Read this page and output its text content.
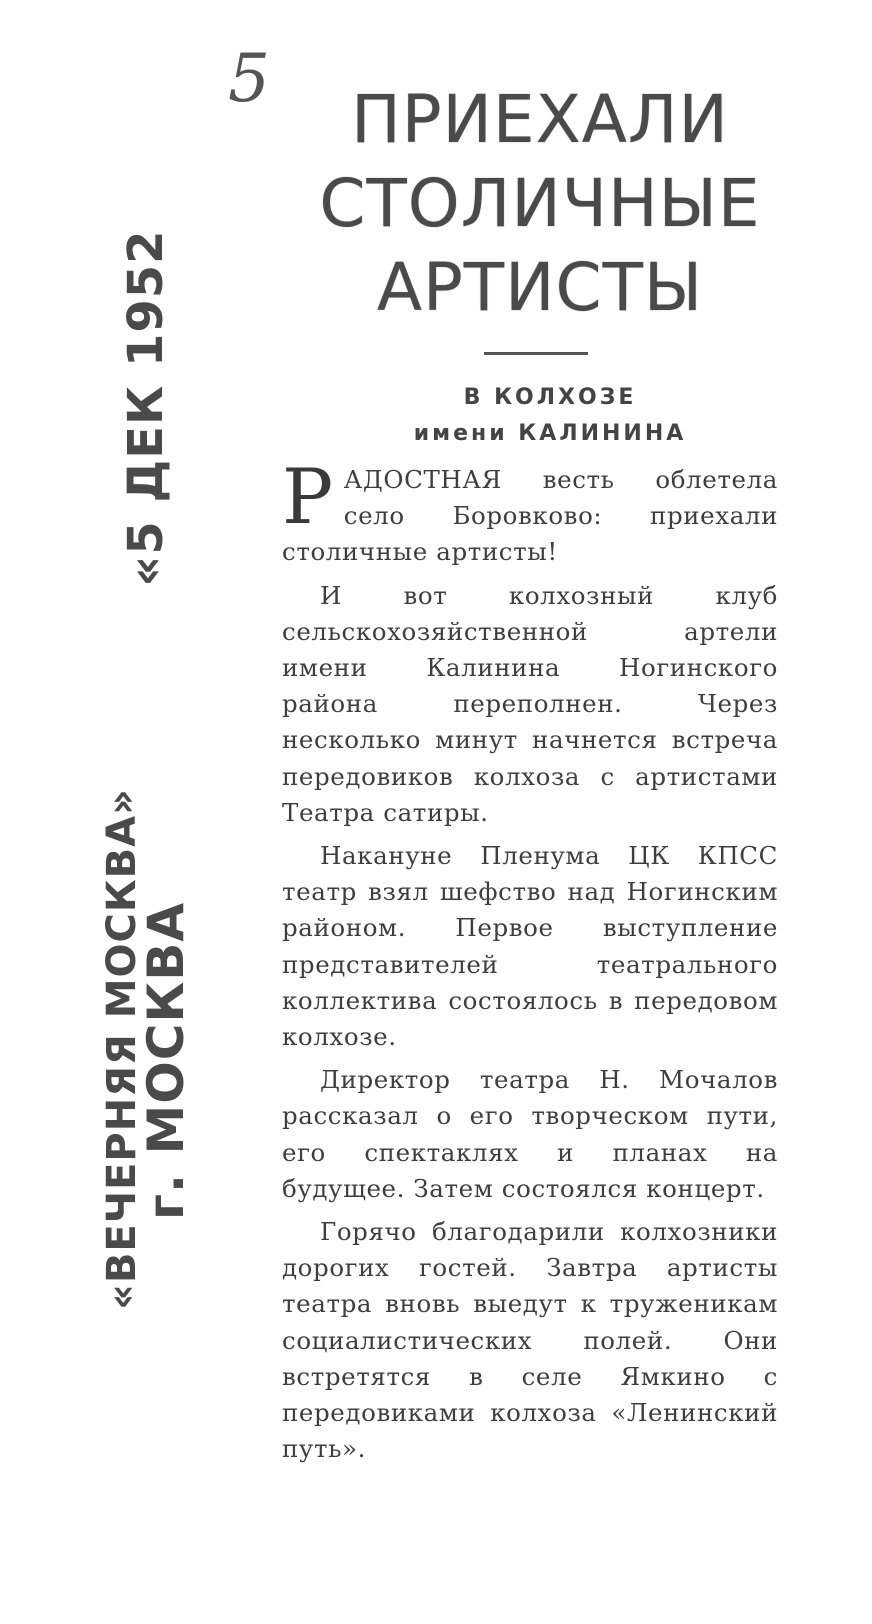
«5 ДЕК 1952
«ВЕЧЕРНЯЯ МОСКВА»
г. МОСКВА
5
ПРИЕХАЛИ
СТОЛИЧНЫЕ
АРТИСТЫ
В КОЛХОЗЕ
имени КАЛИНИНА

РАДОСТНАЯ весть облетела село Боровково: приехали столичные артисты!

И вот колхозный клуб сельскохозяйственной артели имени Калинина Ногинского района переполнен. Через несколько минут начнется встреча передовиков колхоза с артистами Театра сатиры.

Накануне Пленума ЦК КПСС театр взял шефство над Ногинским районом. Первое выступление представителей театрального коллектива состоялось в передовом колхозе.

Директор театра Н. Мочалов рассказал о его творческом пути, его спектаклях и планах на будущее. Затем состоялся концерт.

Горячо благодарили колхозники дорогих гостей. Завтра артисты театра вновь выедут к труженикам социалистических полей. Они встретятся в селе Ямкино с передовиками колхоза «Ленинский путь».
